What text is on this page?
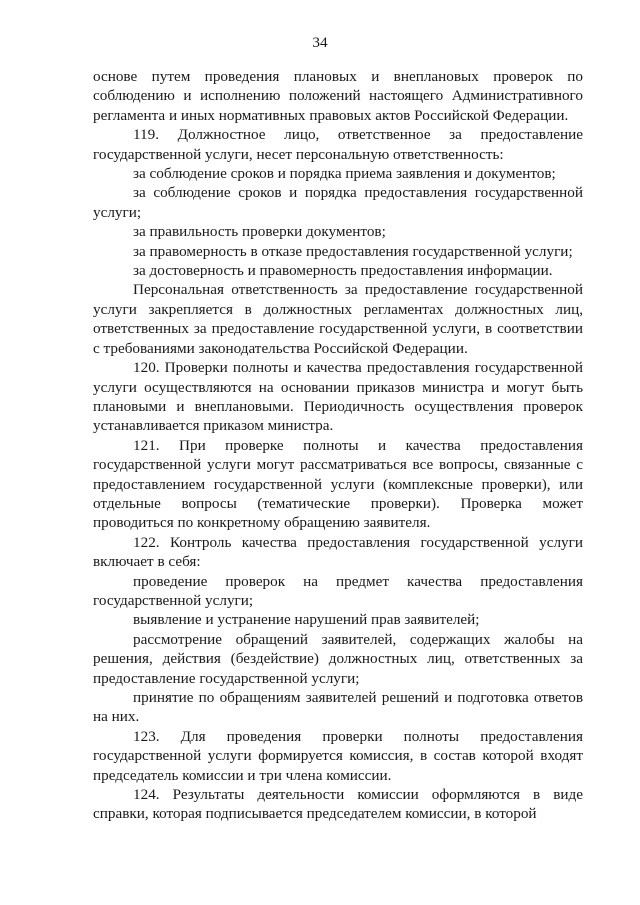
34

основе путем проведения плановых и внеплановых проверок по соблюдению и исполнению положений настоящего Административного регламента и иных нормативных правовых актов Российской Федерации.

119. Должностное лицо, ответственное за предоставление государственной услуги, несет персональную ответственность:

за соблюдение сроков и порядка приема заявления и документов;

за соблюдение сроков и порядка предоставления государственной услуги;

за правильность проверки документов;

за правомерность в отказе предоставления государственной услуги;

за достоверность и правомерность предоставления информации.

Персональная ответственность за предоставление государственной услуги закрепляется в должностных регламентах должностных лиц, ответственных за предоставление государственной услуги, в соответствии с требованиями законодательства Российской Федерации.

120. Проверки полноты и качества предоставления государственной услуги осуществляются на основании приказов министра и могут быть плановыми и внеплановыми. Периодичность осуществления проверок устанавливается приказом министра.

121. При проверке полноты и качества предоставления государственной услуги могут рассматриваться все вопросы, связанные с предоставлением государственной услуги (комплексные проверки), или отдельные вопросы (тематические проверки). Проверка может проводиться по конкретному обращению заявителя.

122. Контроль качества предоставления государственной услуги включает в себя:

проведение проверок на предмет качества предоставления государственной услуги;

выявление и устранение нарушений прав заявителей;

рассмотрение обращений заявителей, содержащих жалобы на решения, действия (бездействие) должностных лиц, ответственных за предоставление государственной услуги;

принятие по обращениям заявителей решений и подготовка ответов на них.

123. Для проведения проверки полноты предоставления государственной услуги формируется комиссия, в состав которой входят председатель комиссии и три члена комиссии.

124. Результаты деятельности комиссии оформляются в виде справки, которая подписывается председателем комиссии, в которой
